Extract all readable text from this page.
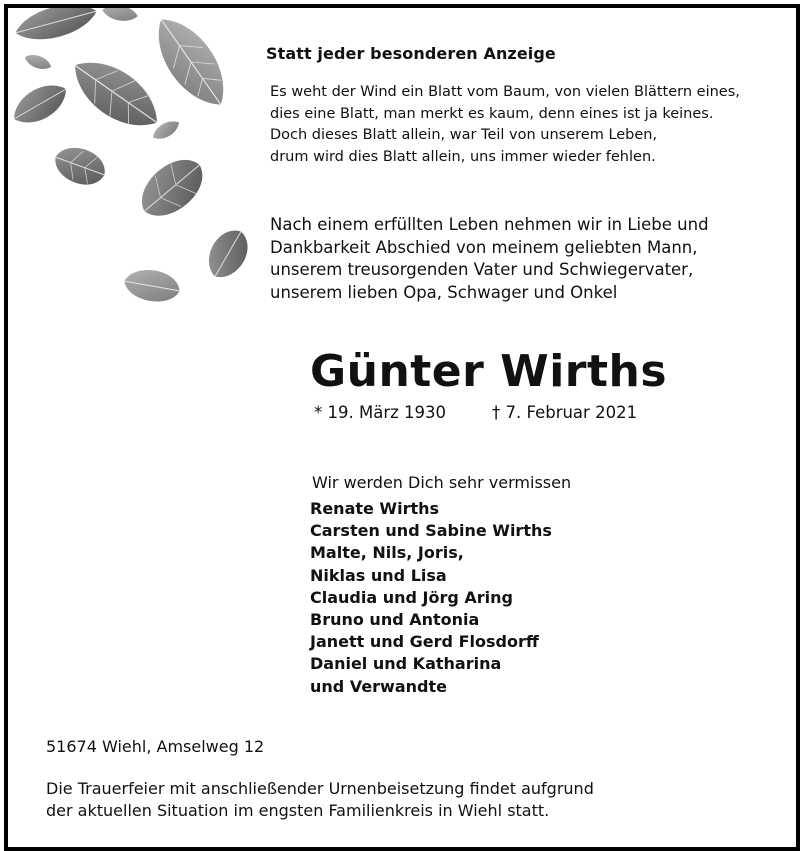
Statt jeder besonderen Anzeige
Es weht der Wind ein Blatt vom Baum, von vielen Blättern eines,
dies eine Blatt, man merkt es kaum, denn eines ist ja keines.
Doch dieses Blatt allein, war Teil von unserem Leben,
drum wird dies Blatt allein, uns immer wieder fehlen.
Nach einem erfüllten Leben nehmen wir in Liebe und
Dankbarkeit Abschied von meinem geliebten Mann,
unserem treusorgenden Vater und Schwiegervater,
unserem lieben Opa, Schwager und Onkel
Günter Wirths
* 19. März 1930	† 7. Februar 2021
Wir werden Dich sehr vermissen
Renate Wirths
Carsten und Sabine Wirths
Malte, Nils, Joris,
Niklas und Lisa
Claudia und Jörg Aring
Bruno und Antonia
Janett und Gerd Flosdorff
Daniel und Katharina
und Verwandte
51674 Wiehl, Amselweg 12
Die Trauerfeier mit anschließender Urnenbeisetzung findet aufgrund
der aktuellen Situation im engsten Familienkreis in Wiehl statt.
